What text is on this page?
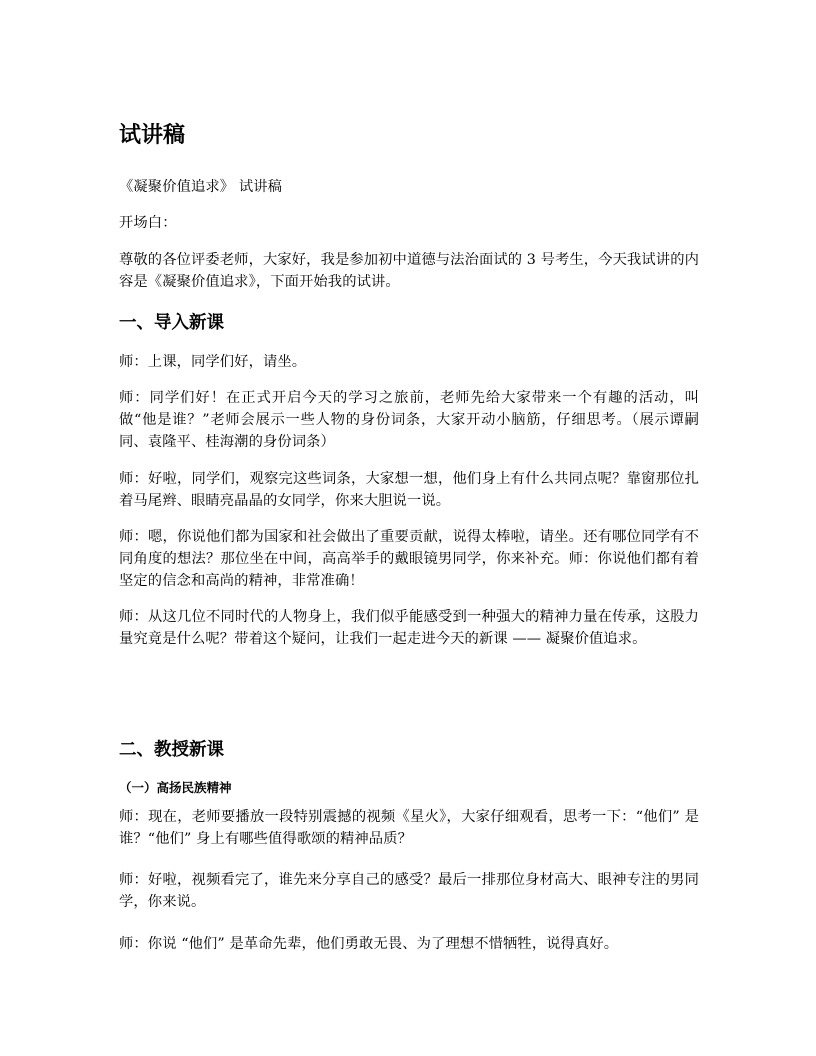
试讲稿

《凝聚价值追求》 试讲稿

开场白：

尊敬的各位评委老师，大家好，我是参加初中道德与法治面试的 3 号考生，今天我试讲的内容是《凝聚价值追求》，下面开始我的试讲。

一、导入新课

师：上课，同学们好，请坐。

师：同学们好！在正式开启今天的学习之旅前，老师先给大家带来一个有趣的活动，叫做“他是谁？”老师会展示一些人物的身份词条，大家开动小脑筋，仔细思考。（展示谭嗣同、袁隆平、桂海潮的身份词条）

师：好啦，同学们，观察完这些词条，大家想一想，他们身上有什么共同点呢？靠窗那位扎着马尾辫、眼睛亮晶晶的女同学，你来大胆说一说。

师：嗯，你说他们都为国家和社会做出了重要贡献，说得太棒啦，请坐。还有哪位同学有不同角度的想法？那位坐在中间，高高举手的戴眼镜男同学，你来补充。师：你说他们都有着坚定的信念和高尚的精神，非常准确！

师：从这几位不同时代的人物身上，我们似乎能感受到一种强大的精神力量在传承，这股力量究竟是什么呢？带着这个疑问，让我们一起走进今天的新课 —— 凝聚价值追求。

二、教授新课
（一）高扬民族精神

师：现在，老师要播放一段特别震撼的视频《星火》，大家仔细观看，思考一下：“他们” 是谁？“他们” 身上有哪些值得歌颂的精神品质？

师：好啦，视频看完了，谁先来分享自己的感受？最后一排那位身材高大、眼神专注的男同学，你来说。

师：你说 “他们” 是革命先辈，他们勇敢无畏、为了理想不惜牺牲，说得真好。
